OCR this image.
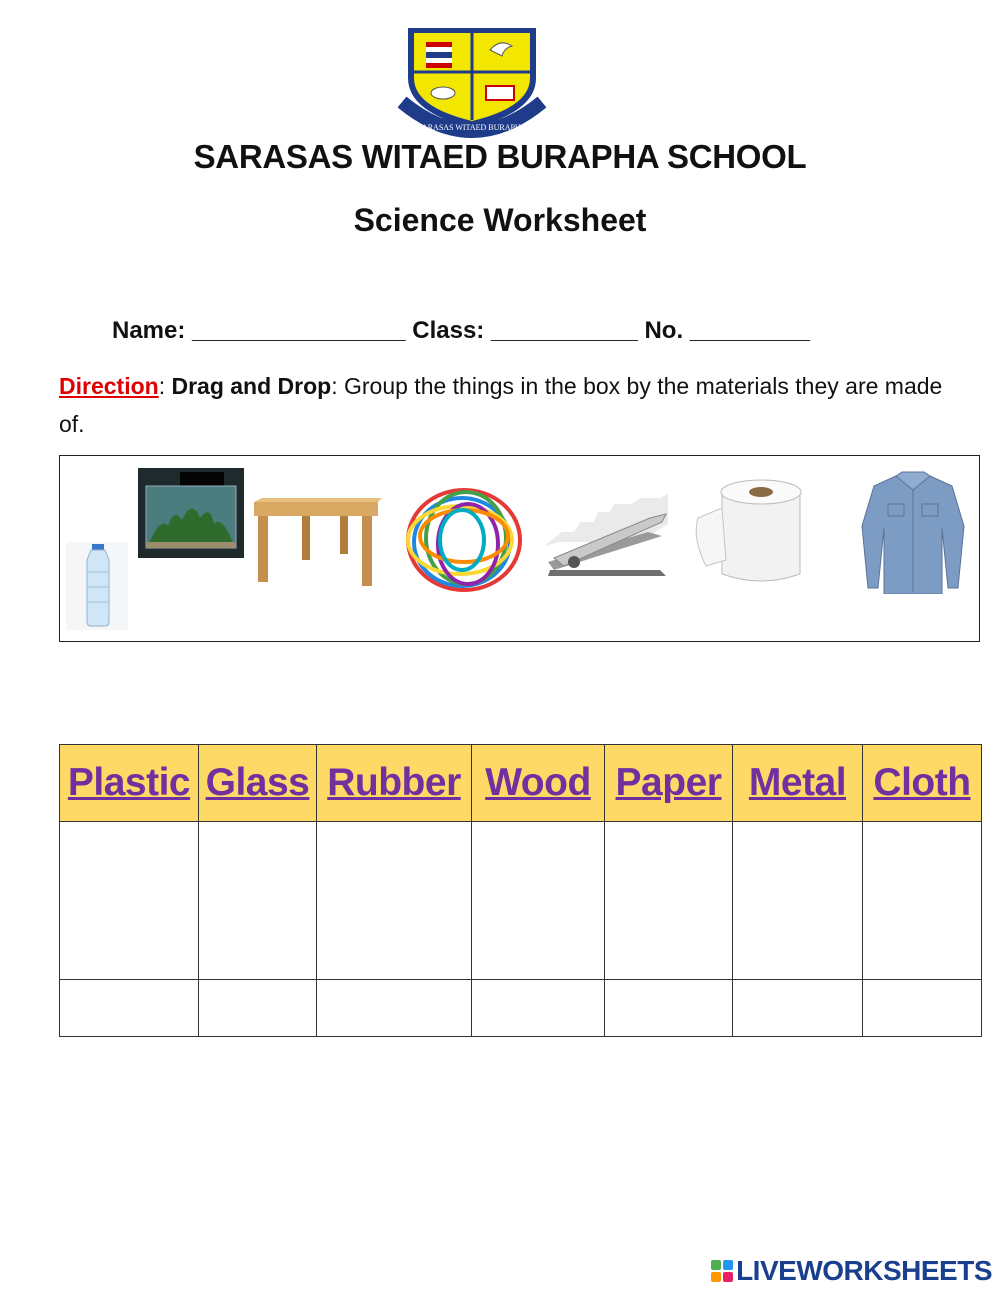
SARASAS WITAED BURAPHA
SARASAS WITAED BURAPHA SCHOOL
Science Worksheet
Name: ________________ Class: ___________ No. _________
Direction: Drag and Drop: Group the things in the box by the materials they are made of.
Plastic	Glass	Rubber	Wood	Paper	Metal	Cloth

LIVEWORKSHEETS
